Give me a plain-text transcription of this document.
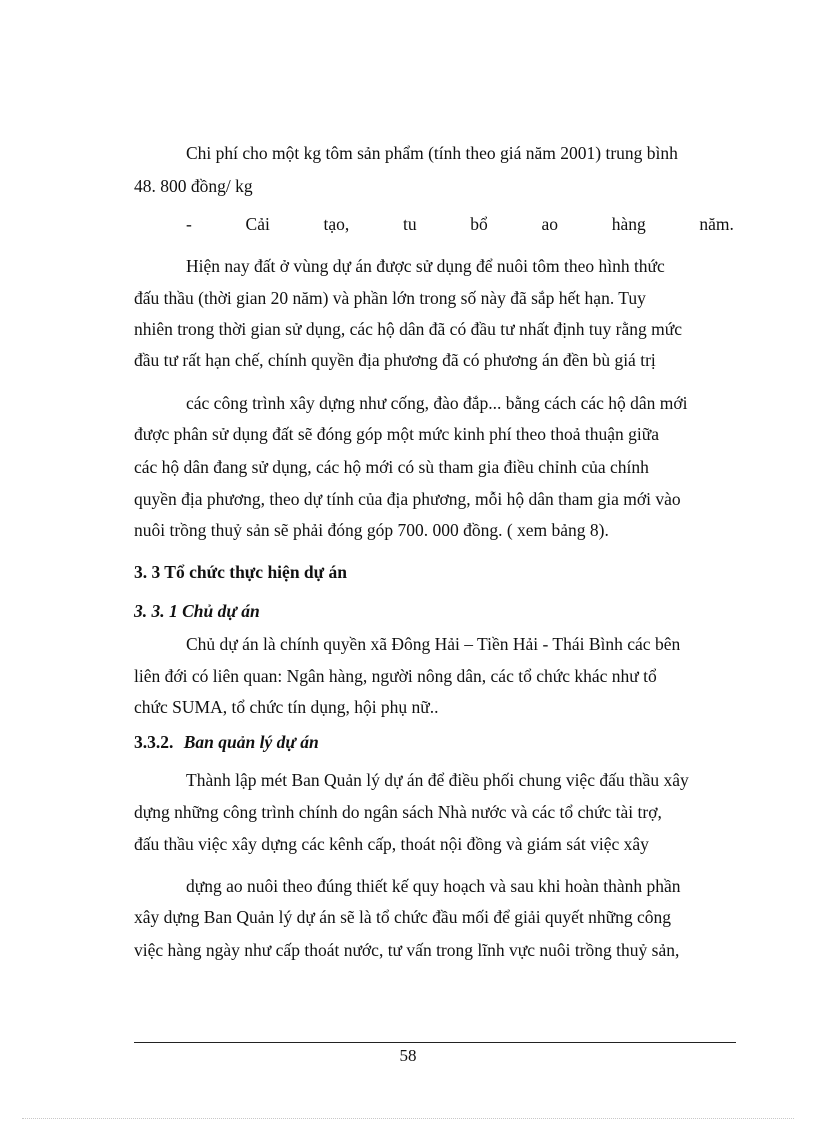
Chi phí cho một kg tôm sản phẩm (tính theo giá năm 2001) trung bình
48. 800 đồng/ kg
-	Cải	tạo,	tu	bổ	ao	hàng	năm.
Hiện nay đất ở vùng dự án được sử dụng để nuôi tôm theo hình thức
đấu thầu (thời gian 20 năm) và phần lớn trong số này đã sắp hết hạn. Tuy
nhiên trong thời gian sử dụng, các hộ dân đã có đầu tư nhất định tuy rằng mức
đầu tư rất hạn chế, chính quyền địa phương đã có phương án đền bù giá trị
các công trình xây dựng như cống, đào đắp... bằng cách các hộ dân mới
được phân sử dụng đất sẽ đóng góp một mức kinh phí theo thoả thuận giữa
các hộ dân đang sử dụng, các hộ mới có sù tham gia điều chỉnh của chính
quyền địa phương, theo dự tính của địa phương, mỗi hộ dân tham gia mới vào
nuôi trồng thuỷ sản sẽ phải đóng góp 700. 000 đồng. ( xem bảng 8).
3. 3 Tổ chức thực hiện dự án
3. 3. 1 Chủ dự án
Chủ dự án là chính quyền xã Đông Hải – Tiền Hải - Thái Bình các bên
liên đới có liên quan: Ngân hàng, người nông dân, các tổ chức khác như tổ
chức SUMA, tổ chức tín dụng, hội phụ nữ..
3.3.2. Ban quản lý dự án
Thành lập mét Ban Quản lý dự án để điều phối chung việc đấu thầu xây
dựng những công trình chính do ngân sách Nhà nước và các tổ chức tài trợ,
đấu thầu việc xây dựng các kênh cấp, thoát nội đồng và giám sát việc xây
dựng ao nuôi theo đúng thiết kế quy hoạch và sau khi hoàn thành phần
xây dựng Ban Quản lý dự án sẽ là tổ chức đầu mối để giải quyết những công
việc hàng ngày như cấp thoát nước, tư vấn trong lĩnh vực nuôi trồng thuỷ sản,
58
